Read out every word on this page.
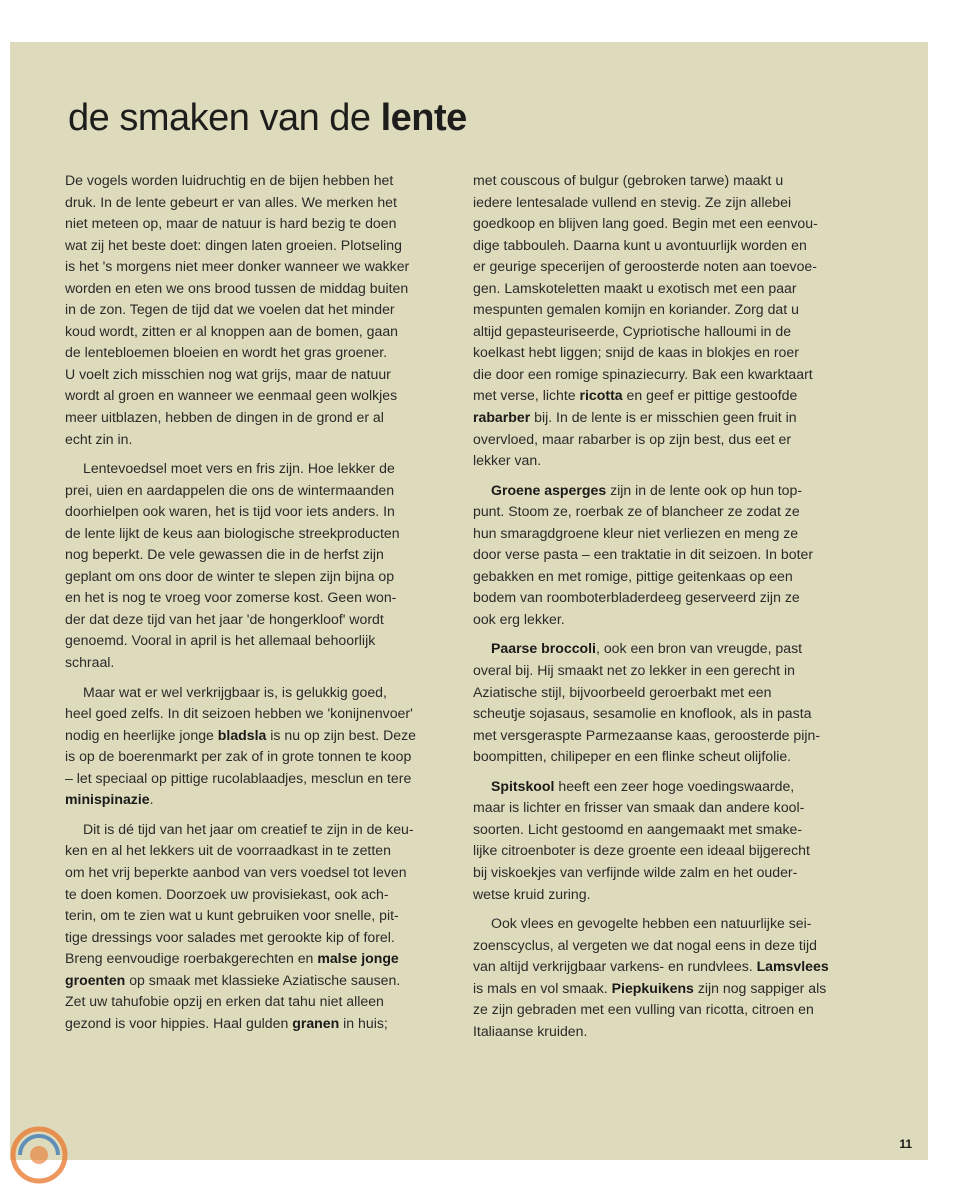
de smaken van de lente
De vogels worden luidruchtig en de bijen hebben het
druk. In de lente gebeurt er van alles. We merken het
niet meteen op, maar de natuur is hard bezig te doen
wat zij het beste doet: dingen laten groeien. Plotseling
is het 's morgens niet meer donker wanneer we wakker
worden en eten we ons brood tussen de middag buiten
in de zon. Tegen de tijd dat we voelen dat het minder
koud wordt, zitten er al knoppen aan de bomen, gaan
de lentebloemen bloeien en wordt het gras groener.
U voelt zich misschien nog wat grijs, maar de natuur
wordt al groen en wanneer we eenmaal geen wolkjes
meer uitblazen, hebben de dingen in de grond er al
echt zin in.
Lentevoedsel moet vers en fris zijn. Hoe lekker de
prei, uien en aardappelen die ons de wintermaanden
doorhielpen ook waren, het is tijd voor iets anders. In
de lente lijkt de keus aan biologische streekproducten
nog beperkt. De vele gewassen die in de herfst zijn
geplant om ons door de winter te slepen zijn bijna op
en het is nog te vroeg voor zomerse kost. Geen won-
der dat deze tijd van het jaar 'de hongerkloof' wordt
genoemd. Vooral in april is het allemaal behoorlijk
schraal.
Maar wat er wel verkrijgbaar is, is gelukkig goed,
heel goed zelfs. In dit seizoen hebben we 'konijnenvoer'
nodig en heerlijke jonge bladsla is nu op zijn best. Deze
is op de boerenmarkt per zak of in grote tonnen te koop
– let speciaal op pittige rucolablaadjes, mesclun en tere
minispinazie.
Dit is dé tijd van het jaar om creatief te zijn in de keu-
ken en al het lekkers uit de voorraadkast in te zetten
om het vrij beperkte aanbod van vers voedsel tot leven
te doen komen. Doorzoek uw provisiekast, ook ach-
terin, om te zien wat u kunt gebruiken voor snelle, pit-
tige dressings voor salades met gerookte kip of forel.
Breng eenvoudige roerbakgerechten en malse jonge
groenten op smaak met klassieke Aziatische sausen.
Zet uw tahufobie opzij en erken dat tahu niet alleen
gezond is voor hippies. Haal gulden granen in huis;
met couscous of bulgur (gebroken tarwe) maakt u
iedere lentesalade vullend en stevig. Ze zijn allebei
goedkoop en blijven lang goed. Begin met een eenvou-
dige tabbouleh. Daarna kunt u avontuurlijk worden en
er geurige specerijen of geroosterde noten aan toevoe-
gen. Lamskoteletten maakt u exotisch met een paar
mespunten gemalen komijn en koriander. Zorg dat u
altijd gepasteuriseerde, Cypriotische halloumi in de
koelkast hebt liggen; snijd de kaas in blokjes en roer
die door een romige spinaziecurry. Bak een kwarktaart
met verse, lichte ricotta en geef er pittige gestoofde
rabarber bij. In de lente is er misschien geen fruit in
overvloed, maar rabarber is op zijn best, dus eet er
lekker van.
Groene asperges zijn in de lente ook op hun top-
punt. Stoom ze, roerbak ze of blancheer ze zodat ze
hun smaragdgroene kleur niet verliezen en meng ze
door verse pasta – een traktatie in dit seizoen. In boter
gebakken en met romige, pittige geitenkaas op een
bodem van roomboterbladerdeeg geserveerd zijn ze
ook erg lekker.
Paarse broccoli, ook een bron van vreugde, past
overal bij. Hij smaakt net zo lekker in een gerecht in
Aziatische stijl, bijvoorbeeld geroerbakt met een
scheutje sojasaus, sesamolie en knoflook, als in pasta
met versgeraspte Parmezaanse kaas, geroosterde pijn-
boompitten, chilipeper en een flinke scheut olijfolie.
Spitskool heeft een zeer hoge voedingswaarde,
maar is lichter en frisser van smaak dan andere kool-
soorten. Licht gestoomd en aangemaakt met smake-
lijke citroenboter is deze groente een ideaal bijgerecht
bij viskoekjes van verfijnde wilde zalm en het ouder-
wetse kruid zuring.
Ook vlees en gevogelte hebben een natuurlijke sei-
zoenscyclus, al vergeten we dat nogal eens in deze tijd
van altijd verkrijgbaar varkens- en rundvlees. Lamsvlees
is mals en vol smaak. Piepkuikens zijn nog sappiger als
ze zijn gebraden met een vulling van ricotta, citroen en
Italiaanse kruiden.
11
